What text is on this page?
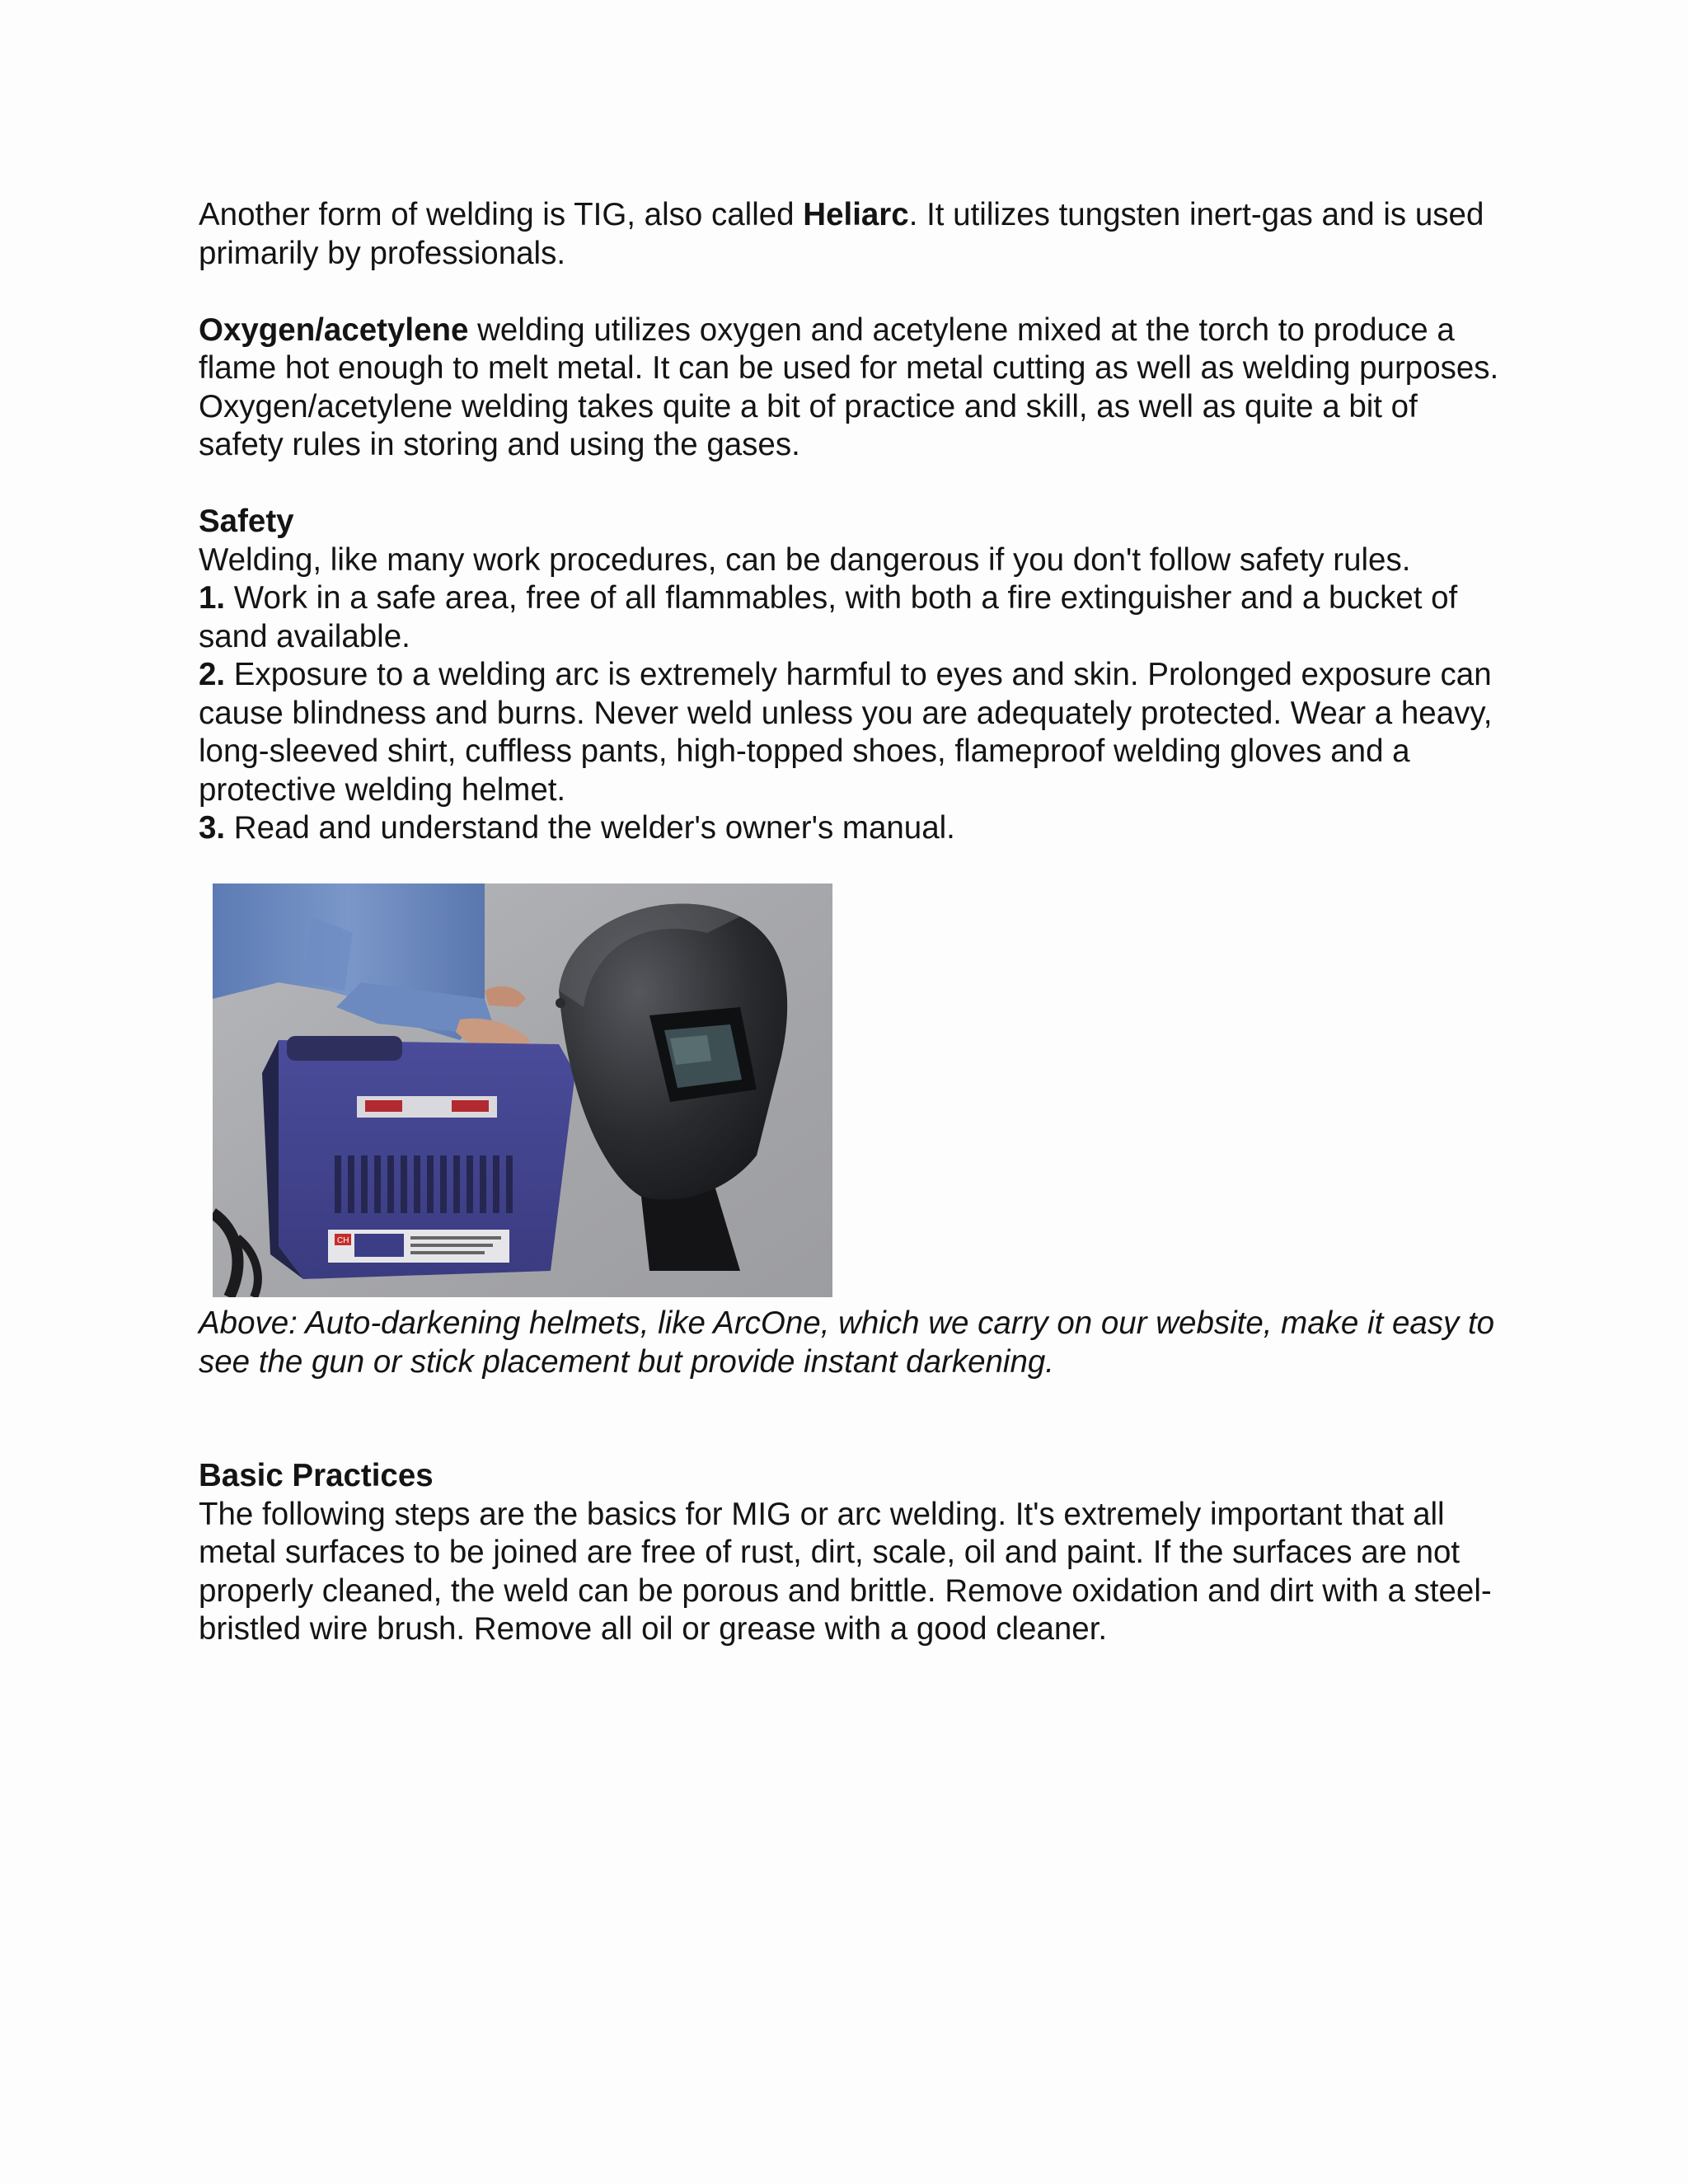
Another form of welding is TIG, also called Heliarc. It utilizes tungsten inert-gas and is used primarily by professionals.

Oxygen/acetylene welding utilizes oxygen and acetylene mixed at the torch to produce a flame hot enough to melt metal. It can be used for metal cutting as well as welding purposes. Oxygen/acetylene welding takes quite a bit of practice and skill, as well as quite a bit of safety rules in storing and using the gases.

Safety

Welding, like many work procedures, can be dangerous if you don't follow safety rules.

1. Work in a safe area, free of all flammables, with both a fire extinguisher and a bucket of sand available.

2. Exposure to a welding arc is extremely harmful to eyes and skin. Prolonged exposure can cause blindness and burns. Never weld unless you are adequately protected. Wear a heavy, long-sleeved shirt, cuffless pants, high-topped shoes, flameproof welding gloves and a protective welding helmet.

3. Read and understand the welder's owner's manual.

CH

Above: Auto-darkening helmets, like ArcOne, which we carry on our website, make it easy to see the gun or stick placement but provide instant darkening.

Basic Practices

The following steps are the basics for MIG or arc welding. It's extremely important that all metal surfaces to be joined are free of rust, dirt, scale, oil and paint. If the surfaces are not properly cleaned, the weld can be porous and brittle. Remove oxidation and dirt with a steel-bristled wire brush. Remove all oil or grease with a good cleaner.
